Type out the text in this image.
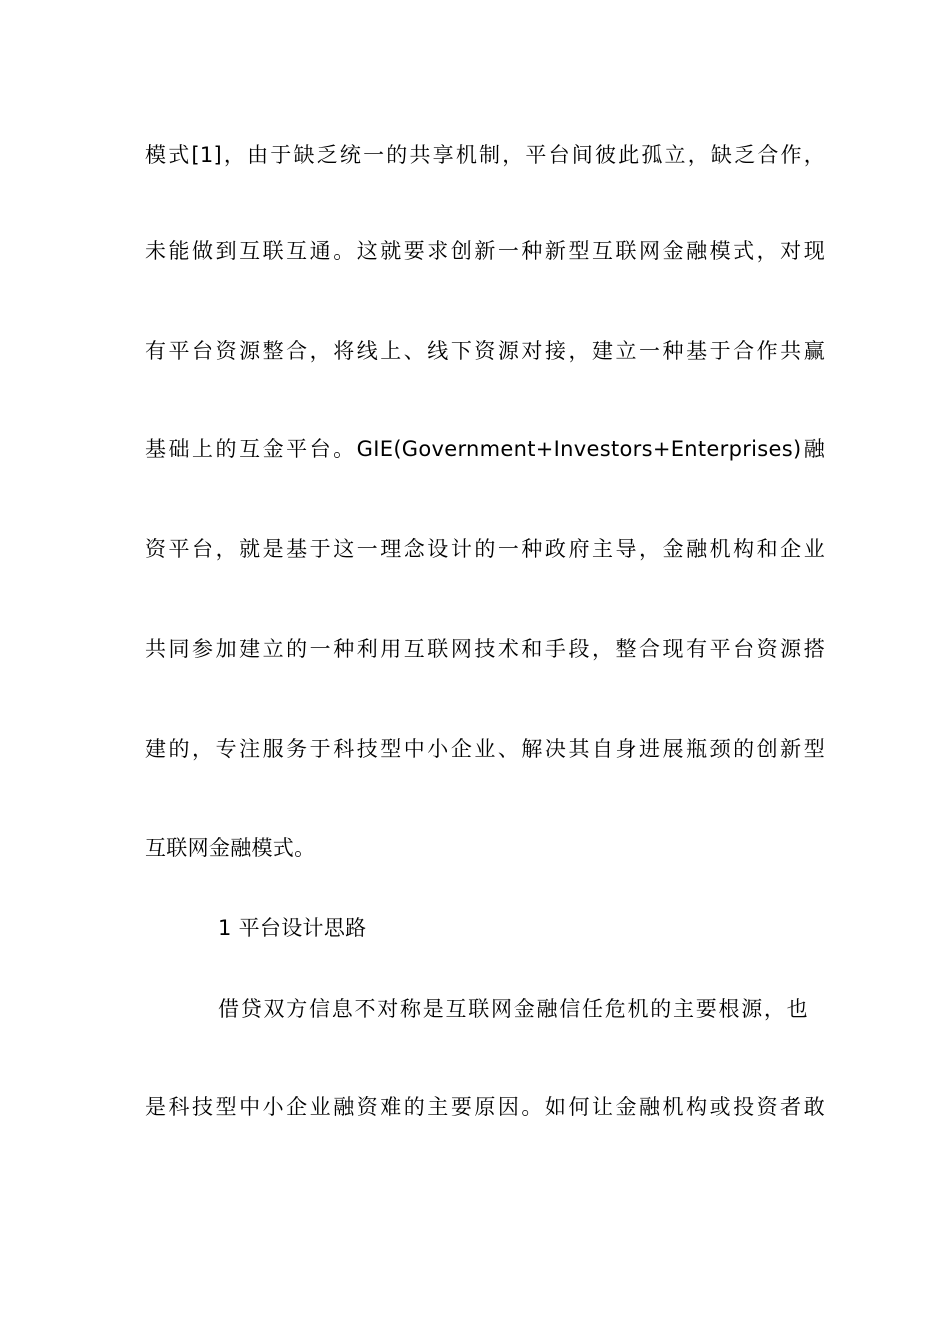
模式[1]，由于缺乏统一的共享机制，平台间彼此孤立，缺乏合作，
未能做到互联互通。这就要求创新一种新型互联网金融模式，对现
有平台资源整合，将线上、线下资源对接，建立一种基于合作共赢
基础上的互金平台。GIE(Government+Investors+Enterprises)融
资平台，就是基于这一理念设计的一种政府主导，金融机构和企业
共同参加建立的一种利用互联网技术和手段，整合现有平台资源搭
建的，专注服务于科技型中小企业、解决其自身进展瓶颈的创新型
互联网金融模式。
1 平台设计思路
借贷双方信息不对称是互联网金融信任危机的主要根源，也
是科技型中小企业融资难的主要原因。如何让金融机构或投资者敢
